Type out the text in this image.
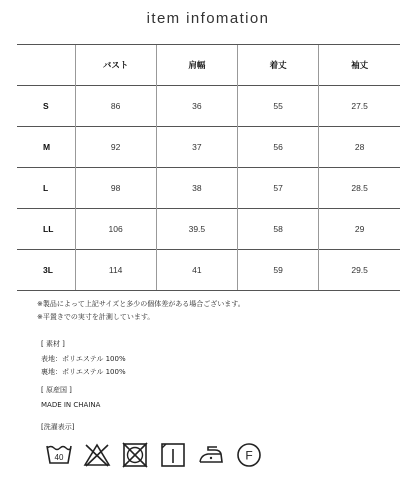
item infomation
	バスト	肩幅	着丈	袖丈
S	86	36	55	27.5
M	92	37	56	28
L	98	38	57	28.5
LL	106	39.5	58	29
3L	114	41	59	29.5
※製品によって上記サイズと多少の個体差がある場合ございます。
※平置きでの実寸を計測しています。
[ 素材 ]
表地：ポリエステル 100%
裏地：ポリエステル 100%
[ 原産国 ]
MADE IN CHAINA
[洗濯表示]
40	F
